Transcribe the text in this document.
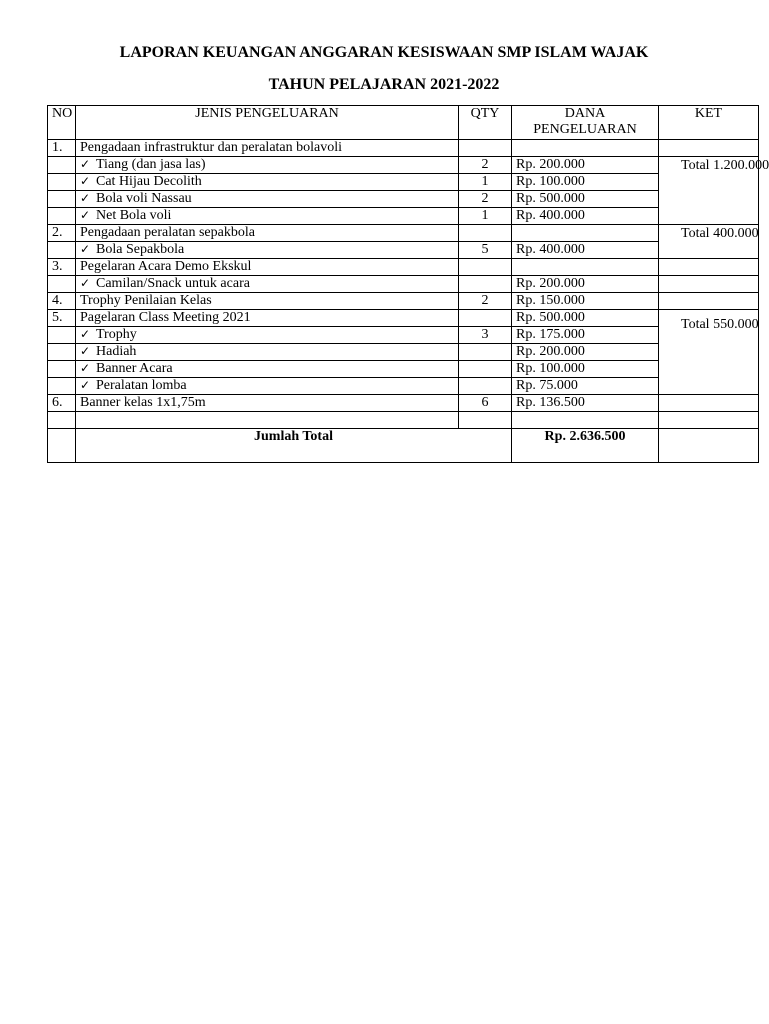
LAPORAN KEUANGAN ANGGARAN KESISWAAN SMP ISLAM WAJAK
TAHUN PELAJARAN 2021-2022
NO	JENIS PENGELUARAN	QTY	DANA PENGELUARAN	KET
1.	Pengadaan infrastruktur dan peralatan bolavoli			
	✓ Tiang (dan jasa las)	2	Rp. 200.000	Total 1.200.000
	✓ Cat Hijau Decolith	1	Rp. 100.000	
	✓ Bola voli Nassau	2	Rp. 500.000	
	✓ Net Bola voli	1	Rp. 400.000	
2.	Pengadaan peralatan sepakbola			Total 400.000
	✓ Bola Sepakbola	5	Rp. 400.000	
3.	Pegelaran Acara Demo Ekskul			
	✓ Camilan/Snack untuk acara		Rp. 200.000	
4.	Trophy Penilaian Kelas	2	Rp. 150.000	
5.	Pagelaran Class Meeting 2021		Rp. 500.000	Total 550.000
	✓ Trophy	3	Rp. 175.000	
	✓ Hadiah		Rp. 200.000	
	✓ Banner Acara		Rp. 100.000	
	✓ Peralatan lomba		Rp. 75.000	
6.	Banner kelas 1x1,75m	6	Rp. 136.500	

	Jumlah Total		Rp. 2.636.500	
